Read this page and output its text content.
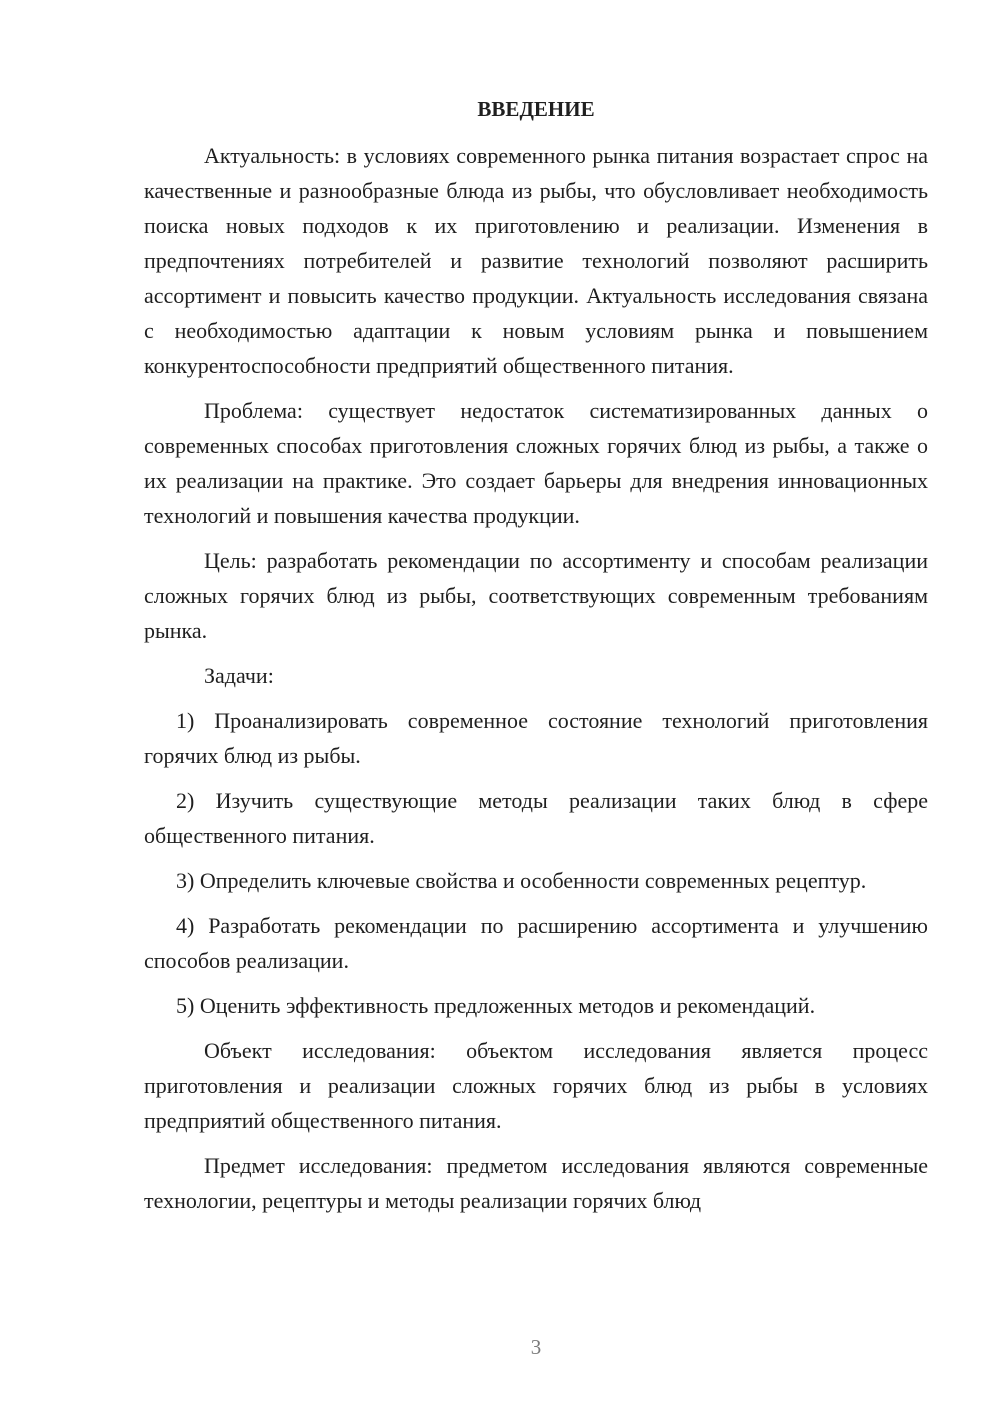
ВВЕДЕНИЕ

Актуальность: в условиях современного рынка питания возрастает спрос на качественные и разнообразные блюда из рыбы, что обусловливает необходимость поиска новых подходов к их приготовлению и реализации. Изменения в предпочтениях потребителей и развитие технологий позволяют расширить ассортимент и повысить качество продукции. Актуальность исследования связана с необходимостью адаптации к новым условиям рынка и повышением конкурентоспособности предприятий общественного питания.

Проблема: существует недостаток систематизированных данных о современных способах приготовления сложных горячих блюд из рыбы, а также о их реализации на практике. Это создает барьеры для внедрения инновационных технологий и повышения качества продукции.

Цель: разработать рекомендации по ассортименту и способам реализации сложных горячих блюд из рыбы, соответствующих современным требованиям рынка.

Задачи:

1) Проанализировать современное состояние технологий приготовления горячих блюд из рыбы.

2) Изучить существующие методы реализации таких блюд в сфере общественного питания.

3) Определить ключевые свойства и особенности современных рецептур.

4) Разработать рекомендации по расширению ассортимента и улучшению способов реализации.

5) Оценить эффективность предложенных методов и рекомендаций.

Объект исследования: объектом исследования является процесс приготовления и реализации сложных горячих блюд из рыбы в условиях предприятий общественного питания.

Предмет исследования: предметом исследования являются современные технологии, рецептуры и методы реализации горячих блюд

3
